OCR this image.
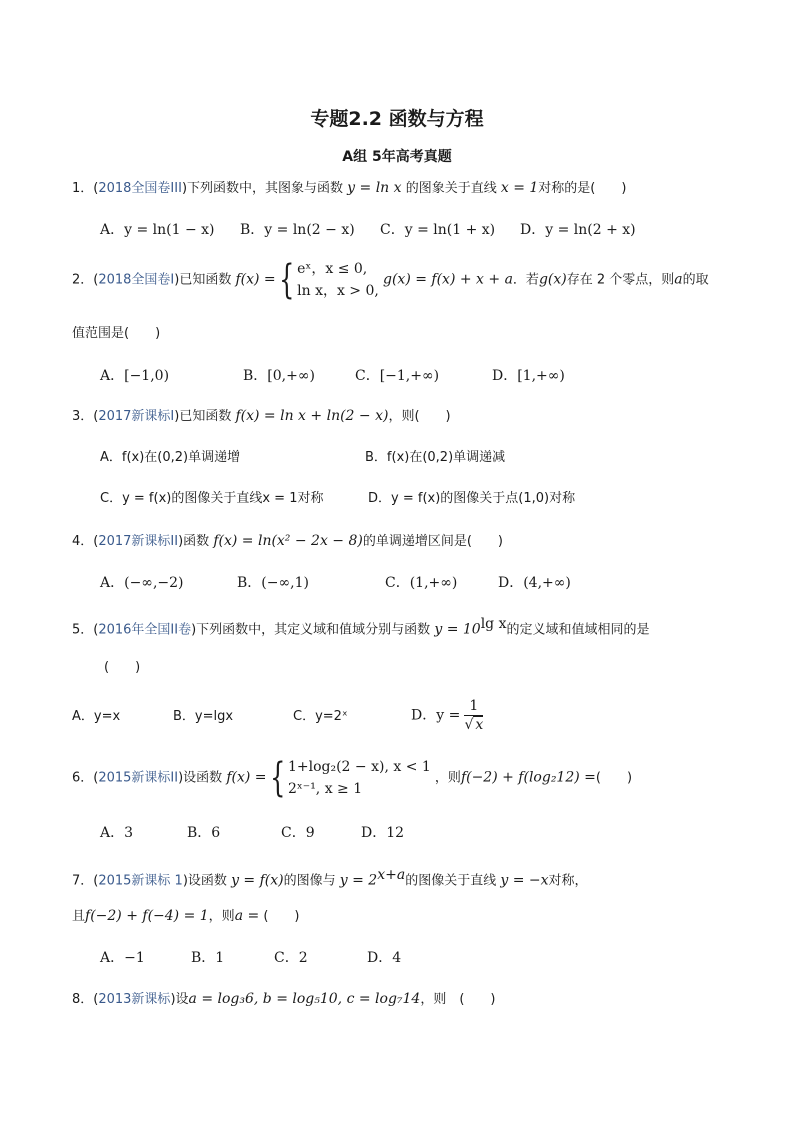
专题2.2 函数与方程
A组 5年高考真题
1．(2018全国卷III)下列函数中，其图象与函数 y = ln x 的图象关于直线 x = 1对称的是(　　)
A．y = ln(1 − x) B．y = ln(2 − x) C．y = ln(1 + x) D．y = ln(2 + x)
2．(2018全国卷I)已知函数 f(x) ={ eˣ，x ≤ 0,
ln x，x > 0,
g(x) = f(x) + x + a．若g(x)存在 2 个零点，则a的取
值范围是(　　)
A．[−1,0)	B．[0,+∞)	C．[−1,+∞)	D．[1,+∞)
3．(2017新课标I)已知函数 f(x) = ln x + ln(2 − x)，则(　　)
A．f(x)在(0,2)单调递增	B．f(x)在(0,2)单调递减
C．y = f(x)的图像关于直线x = 1对称	D．y = f(x)的图像关于点(1,0)对称
4．(2017新课标II)函数 f(x) = ln(x² − 2x − 8)的单调递增区间是(　　)
A．(−∞,−2)	B．(−∞,1)	C．(1,+∞)	D．(4,+∞)
5．(2016年全国II卷)下列函数中，其定义域和值域分别与函数 $y = 10^{lg x}$的定义域和值域相同的是
(　　)
A．y=x	B．y=lgx	C．y=2ˣ	D．$y = \frac{1}{√ x}$
6．(2015新课标II)设函数 f(x) ={ 1+log₂(2 − x), x < 1
2ˣ⁻¹, x ≥ 1
，则f(−2) + f(log₂12) =(　　)
A．3	B．6	C．9	D．12
7．(2015新课标 1)设函数 y = f(x)的图像与 $y = 2^{x+a}$的图像关于直线 y = −x对称，
且f(−2) + f(−4) = 1，则a = (　　)
A．−1	B．1	C．2	D．4
8．(2013新课标)设a = log₃6, b = log₅10, c = log₇14，则　(　　)
